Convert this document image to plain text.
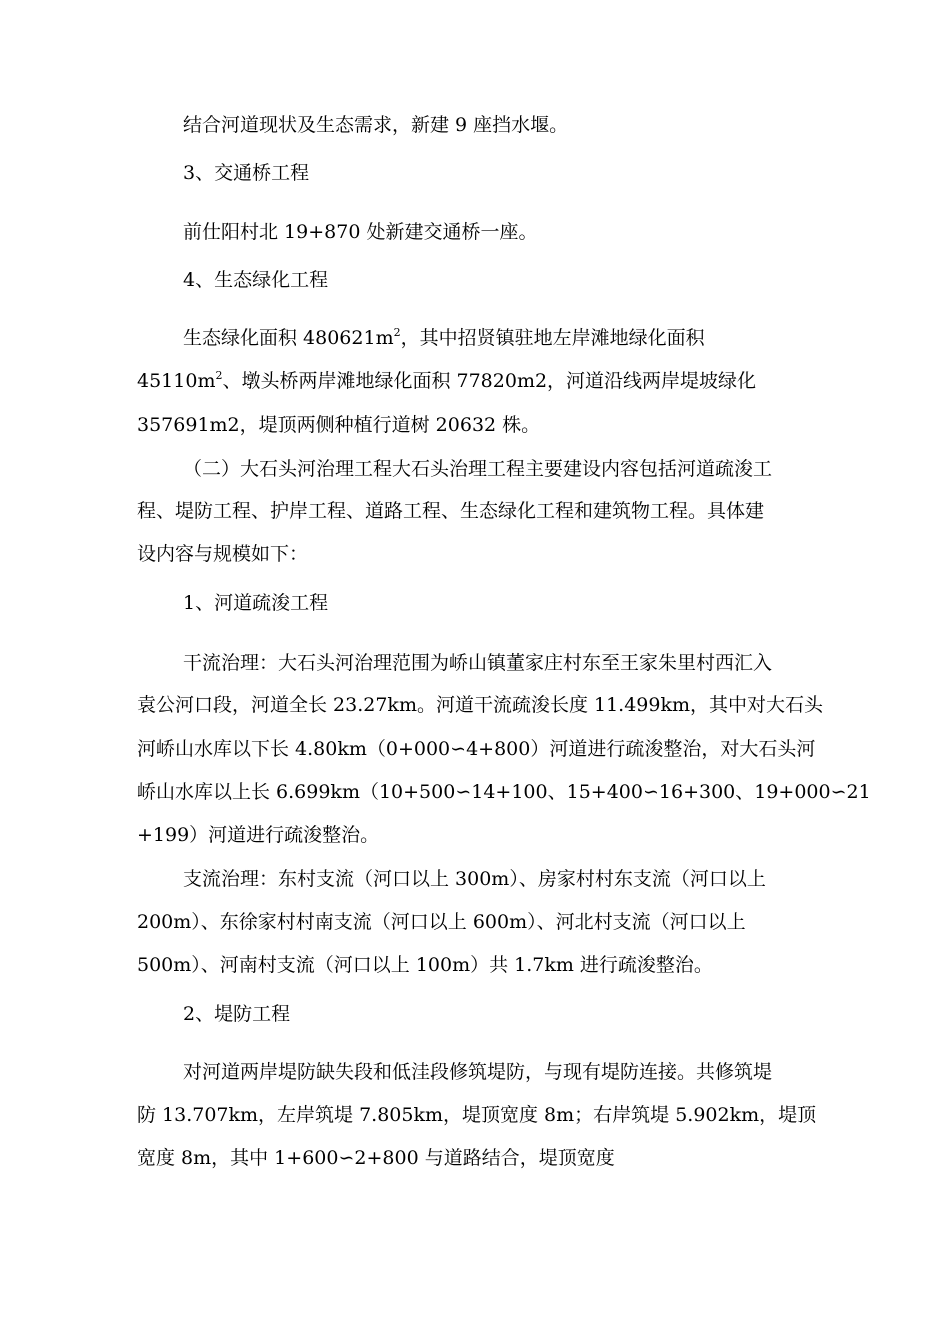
结合河道现状及生态需求，新建 9 座挡水堰。
3、交通桥工程
前仕阳村北 19+870 处新建交通桥一座。
4、生态绿化工程
生态绿化面积 $480621m^2$，其中招贤镇驻地左岸滩地绿化面积
$45110m^2$、墩头桥两岸滩地绿化面积 77820m2，河道沿线两岸堤坡绿化
357691m2，堤顶两侧种植行道树 20632 株。
（二）大石头河治理工程大石头治理工程主要建设内容包括河道疏浚工
程、堤防工程、护岸工程、道路工程、生态绿化工程和建筑物工程。具体建
设内容与规模如下：
1、河道疏浚工程
干流治理：大石头河治理范围为峤山镇董家庄村东至王家朱里村西汇入
袁公河口段，河道全长 23.27km。河道干流疏浚长度 11.499km，其中对大石头
河峤山水库以下长 4.80km（0+000∽4+800）河道进行疏浚整治，对大石头河
峤山水库以上长 6.699km（10+500∽14+100、15+400∽16+300、19+000∽21
+199）河道进行疏浚整治。
支流治理：东村支流（河口以上 300m）、房家村村东支流（河口以上
200m）、东徐家村村南支流（河口以上 600m）、河北村支流（河口以上
500m）、河南村支流（河口以上 100m）共 1.7km 进行疏浚整治。
2、堤防工程
对河道两岸堤防缺失段和低洼段修筑堤防，与现有堤防连接。共修筑堤
防 13.707km，左岸筑堤 7.805km，堤顶宽度 8m；右岸筑堤 5.902km，堤顶
宽度 8m，其中 1+600∽2+800 与道路结合，堤顶宽度
